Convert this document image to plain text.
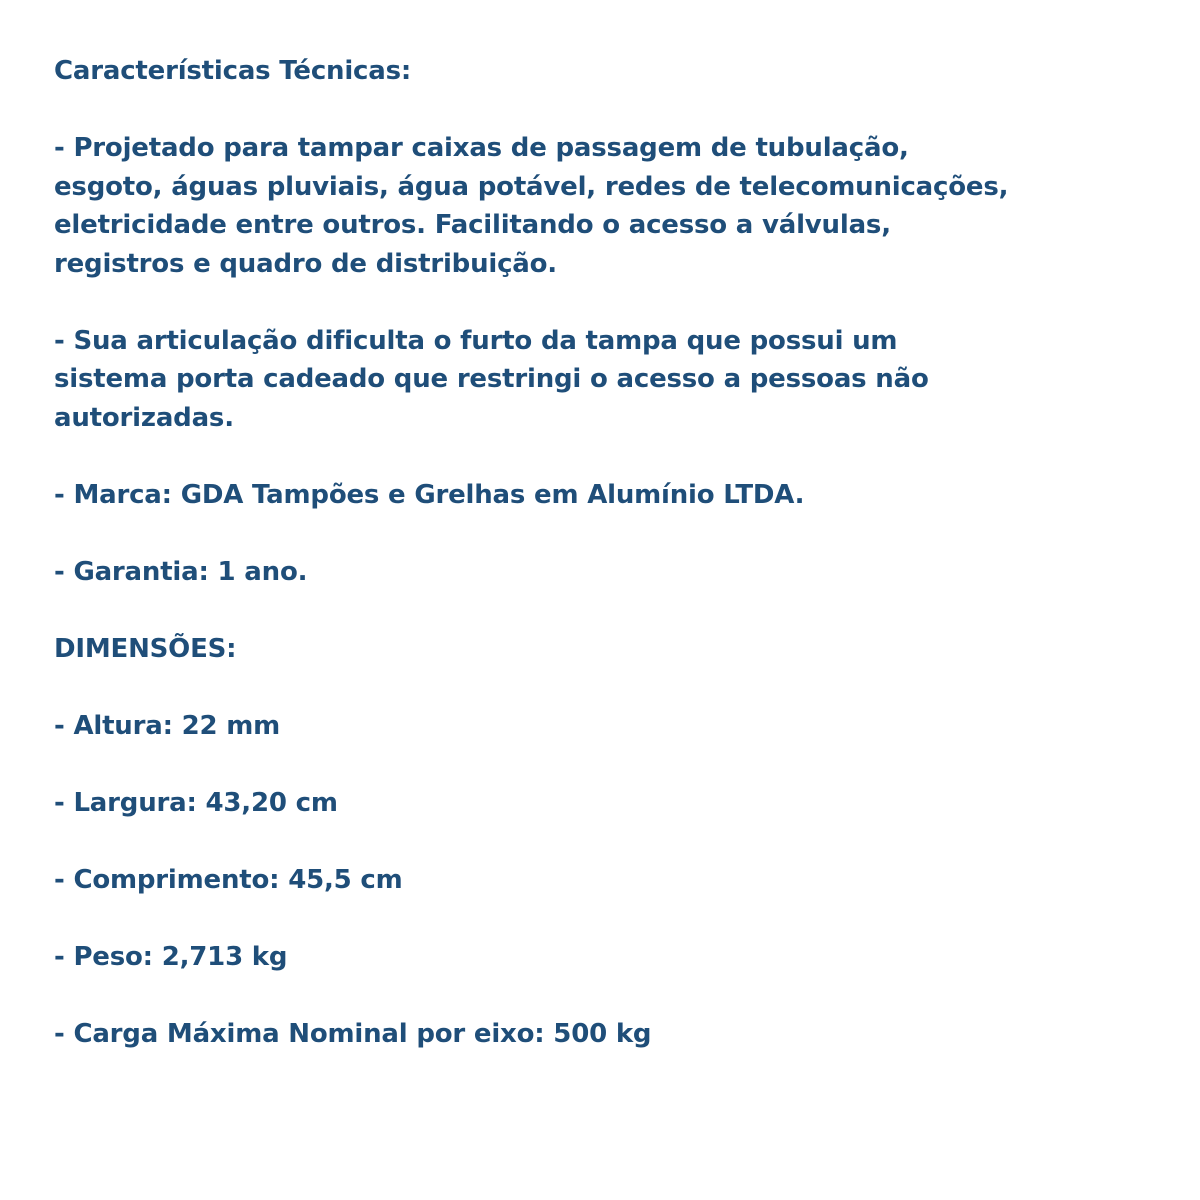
Características Técnicas:

- Projetado para tampar caixas de passagem de tubulação,

esgoto, águas pluviais, água potável, redes de telecomunicações,

eletricidade entre outros. Facilitando o acesso a válvulas,

registros e quadro de distribuição.

- Sua articulação dificulta o furto da tampa que possui um

sistema porta cadeado que restringi o acesso a pessoas não

autorizadas.

- Marca: GDA Tampões e Grelhas em Alumínio LTDA.

- Garantia: 1 ano.

DIMENSÕES:

- Altura: 22 mm

- Largura: 43,20 cm

- Comprimento: 45,5 cm

- Peso: 2,713 kg

- Carga Máxima Nominal por eixo: 500 kg
